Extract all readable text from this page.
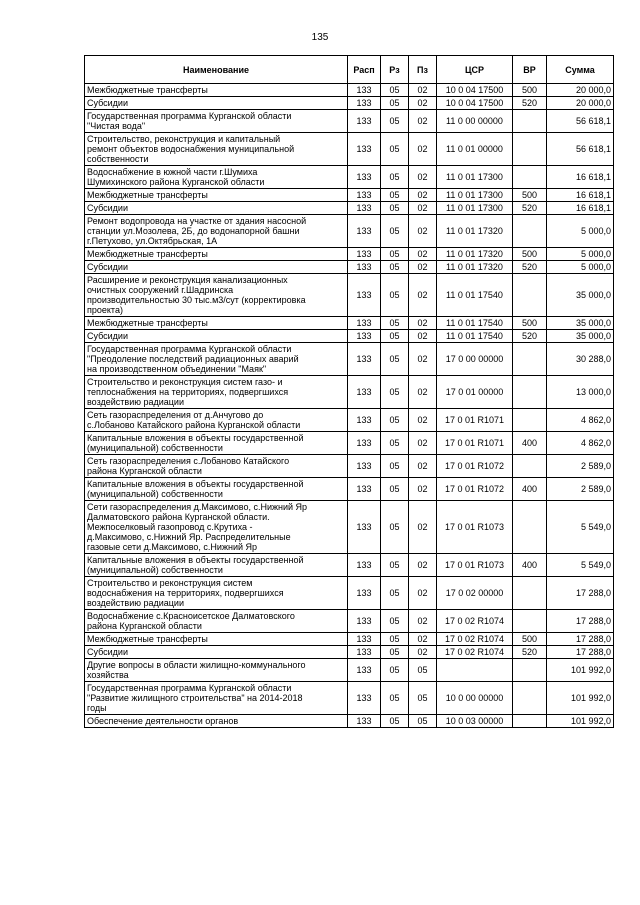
135
Наименование	Расп	Рз	Пз	ЦСР	ВР	Сумма
Межбюджетные трансферты	133	05	02	10 0 04 17500	500	20 000,0
Субсидии	133	05	02	10 0 04 17500	520	20 000,0
Государственная программа Курганской области
"Чистая вода"	133	05	02	11 0 00 00000		56 618,1
Строительство, реконструкция и капитальный
ремонт объектов водоснабжения муниципальной
собственности	133	05	02	11 0 01 00000		56 618,1
Водоснабжение в южной части г.Шумиха
Шумихинского района Курганской области	133	05	02	11 0 01 17300		16 618,1
Межбюджетные трансферты	133	05	02	11 0 01 17300	500	16 618,1
Субсидии	133	05	02	11 0 01 17300	520	16 618,1
Ремонт водопровода на участке от здания насосной
станции ул.Мозолева, 2Б, до водонапорной башни
г.Петухово, ул.Октябрьская, 1А	133	05	02	11 0 01 17320		5 000,0
Межбюджетные трансферты	133	05	02	11 0 01 17320	500	5 000,0
Субсидии	133	05	02	11 0 01 17320	520	5 000,0
Расширение и реконструкция канализационных
очистных сооружений г.Шадринска
производительностью 30 тыс.м3/сут (корректировка
проекта)	133	05	02	11 0 01 17540		35 000,0
Межбюджетные трансферты	133	05	02	11 0 01 17540	500	35 000,0
Субсидии	133	05	02	11 0 01 17540	520	35 000,0
Государственная программа Курганской области
"Преодоление последствий радиационных аварий
на производственном объединении "Маяк"	133	05	02	17 0 00 00000		30 288,0
Строительство и реконструкция систем газо- и
теплоснабжения на территориях, подвергшихся
воздействию радиации	133	05	02	17 0 01 00000		13 000,0
Сеть газораспределения от д.Анчугово до
с.Лобаново Катайского района Курганской области	133	05	02	17 0 01 R1071		4 862,0
Капитальные вложения в объекты государственной
(муниципальной) собственности	133	05	02	17 0 01 R1071	400	4 862,0
Сеть газораспределения с.Лобаново Катайского
района Курганской области	133	05	02	17 0 01 R1072		2 589,0
Капитальные вложения в объекты государственной
(муниципальной) собственности	133	05	02	17 0 01 R1072	400	2 589,0
Сети газораспределения д.Максимово, с.Нижний Яр
Далматовского района Курганской области.
Межпоселковый газопровод с.Крутиха -
д.Максимово, с.Нижний Яр. Распределительные
газовые сети д.Максимово, с.Нижний Яр	133	05	02	17 0 01 R1073		5 549,0
Капитальные вложения в объекты государственной
(муниципальной) собственности	133	05	02	17 0 01 R1073	400	5 549,0
Строительство и реконструкция систем
водоснабжения на территориях, подвергшихся
воздействию радиации	133	05	02	17 0 02 00000		17 288,0
Водоснабжение с.Красноисетское Далматовского
района Курганской области	133	05	02	17 0 02 R1074		17 288,0
Межбюджетные трансферты	133	05	02	17 0 02 R1074	500	17 288,0
Субсидии	133	05	02	17 0 02 R1074	520	17 288,0
Другие вопросы в области жилищно-коммунального
хозяйства	133	05	05			101 992,0
Государственная программа Курганской области
"Развитие жилищного строительства" на 2014-2018
годы	133	05	05	10 0 00 00000		101 992,0
Обеспечение деятельности органов	133	05	05	10 0 03 00000		101 992,0
